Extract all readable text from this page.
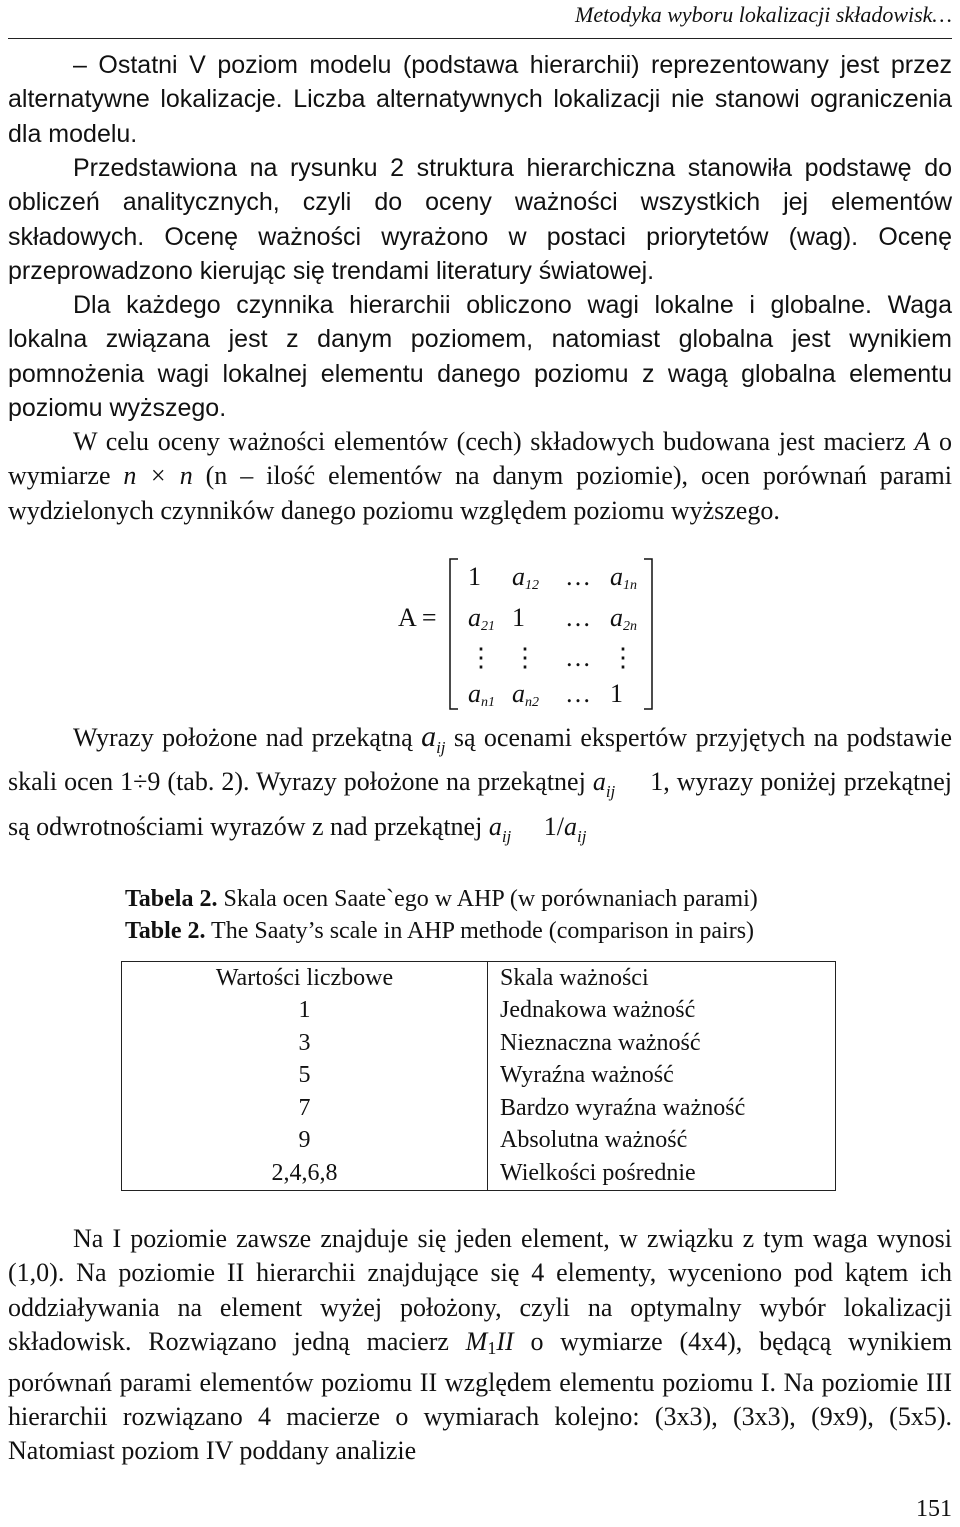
Metodyka wyboru lokalizacji składowisk…

– Ostatni V poziom modelu (podstawa hierarchii) reprezentowany jest przez alternatywne lokalizacje. Liczba alternatywnych lokalizacji nie stanowi ograniczenia dla modelu.

Przedstawiona na rysunku 2 struktura hierarchiczna stanowiła podstawę do obliczeń analitycznych, czyli do oceny ważności wszystkich jej elementów składowych. Ocenę ważności wyrażono w postaci priorytetów (wag). Ocenę przeprowadzono kierując się trendami literatury światowej.

Dla każdego czynnika hierarchii obliczono wagi lokalne i globalne. Waga lokalna związana jest z danym poziomem, natomiast globalna jest wynikiem pomnożenia wagi lokalnej elementu danego poziomu z wagą globalna elementu poziomu wyższego.

W celu oceny ważności elementów (cech) składowych budowana jest macierz A o wymiarze n × n (n – ilość elementów na danym poziomie), ocen porównań parami wydzielonych czynników danego poziomu względem poziomu wyższego.

A =
1 $a_{12}$ … $a_{1n}$
$a_{21}$ 1 … $a_{2n}$
⋮ ⋮ … ⋮
$a_{n1}$ $a_{n2}$ … 1

Wyrazy położone nad przekątną $a_{ij}$ są ocenami ekspertów przyjętych na podstawie skali ocen 1÷9 (tab. 2). Wyrazy położone na przekątnej $a_{ij}$ 1, wyrazy poniżej przekątnej są odwrotnościami wyrazów z nad przekątnej $a_{ij}$ $1/a_{ij}$

Tabela 2. Skala ocen Saate`ego w AHP (w porównaniach parami)
Table 2. The Saaty’s scale in AHP methode (comparison in pairs)
Wartości liczbowe	Skala ważności
1	Jednakowa ważność
3	Nieznaczna ważność
5	Wyraźna ważność
7	Bardzo wyraźna ważność
9	Absolutna ważność
2,4,6,8	Wielkości pośrednie

Na I poziomie zawsze znajduje się jeden element, w związku z tym waga wynosi (1,0). Na poziomie II hierarchii znajdujące się 4 elementy, wyceniono pod kątem ich oddziaływania na element wyżej położony, czyli na optymalny wybór lokalizacji składowisk. Rozwiązano jedną macierz M1II o wymiarze (4x4), będącą wynikiem porównań parami elementów poziomu II względem elementu poziomu I. Na poziomie III hierarchii rozwiązano 4 macierze o wymiarach kolejno: (3x3), (3x3), (9x9), (5x5). Natomiast poziom IV poddany analizie

151
